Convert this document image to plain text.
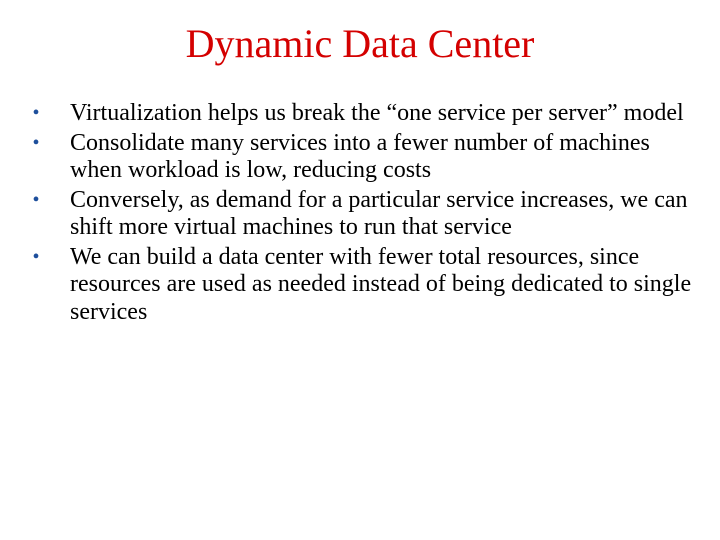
Dynamic Data Center
• Virtualization helps us break the “one service per server” model
• Consolidate many services into a fewer number of machines when workload is low, reducing costs
• Conversely, as demand for a particular service increases, we can shift more virtual machines to run that service
• We can build a data center with fewer total resources, since resources are used as needed instead of being dedicated to single services
